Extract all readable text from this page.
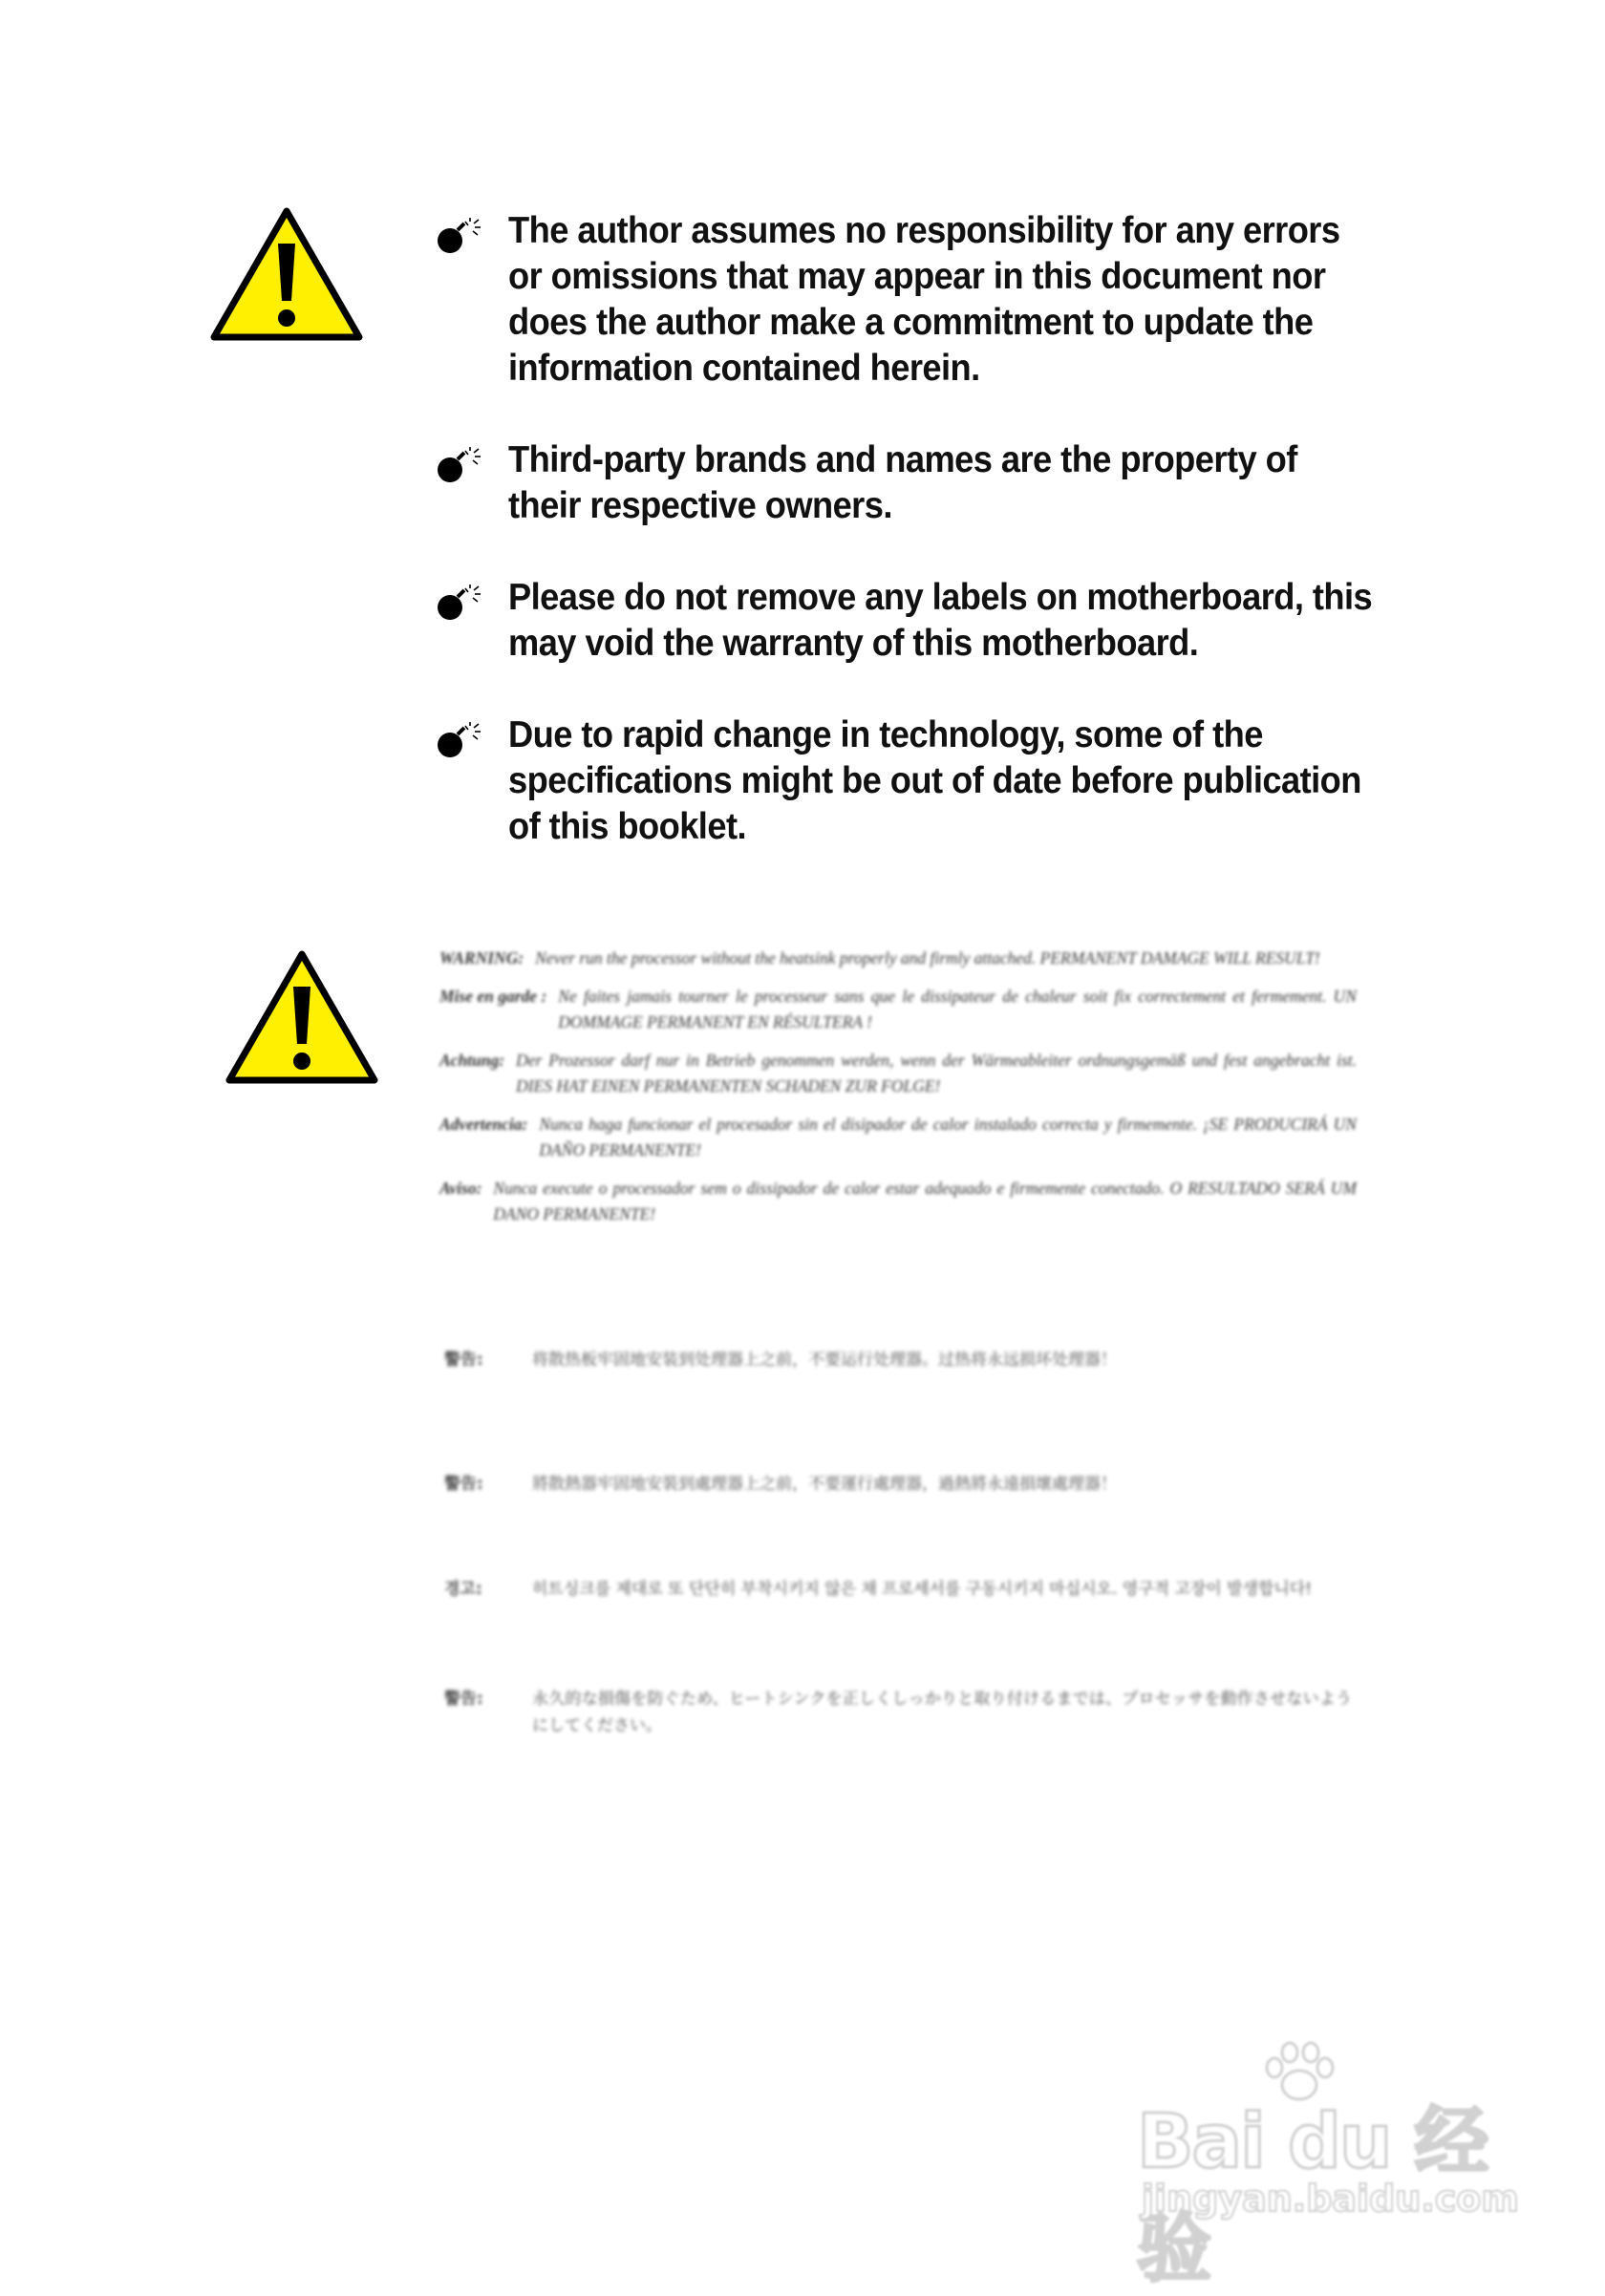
The author assumes no responsibility for any errors
or omissions that may appear in this document nor
does the author make a commitment to update the
information contained herein.
Third-party brands and names are the property of
their respective owners.
Please do not remove any labels on motherboard, this
may void the warranty of this motherboard.
Due to rapid change in technology, some of the
specifications might be out of date before publication
of this booklet.
WARNING: Never run the processor without the heatsink properly and firmly attached. PERMANENT DAMAGE WILL RESULT!
Mise en garde : Ne faites jamais tourner le processeur sans que le dissipateur de chaleur soit fix correctement et fermement. UN DOMMAGE PERMANENT EN RÉSULTERA !
Achtung: Der Prozessor darf nur in Betrieb genommen werden, wenn der Wärmeableiter ordnungsgemäß und fest angebracht ist. DIES HAT EINEN PERMANENTEN SCHADEN ZUR FOLGE!
Advertencia: Nunca haga funcionar el procesador sin el disipador de calor instalado correcta y firmemente. ¡SE PRODUCIRÁ UN DAÑO PERMANENTE!
Aviso: Nunca execute o processador sem o dissipador de calor estar adequado e firmemente conectado. O RESULTADO SERÁ UM DANO PERMANENTE!
警告:	将散热板牢固地安装到处理器上之前，不要运行处理器。过热将永远损坏处理器！
警告:	將散熱器牢固地安裝到處理器上之前，不要運行處理器，過熱將永遠損壞處理器！
경고:	히트싱크를 제대로 또 단단히 부착시키지 않은 채 프로세서를 구동시키지 마십시오. 영구적 고장이 발생합니다!
警告:	永久的な損傷を防ぐため、ヒートシンクを正しくしっかりと取り付けるまでは、プロセッサを動作させないようにしてください。
Bai du 经验
jingyan.baidu.com
